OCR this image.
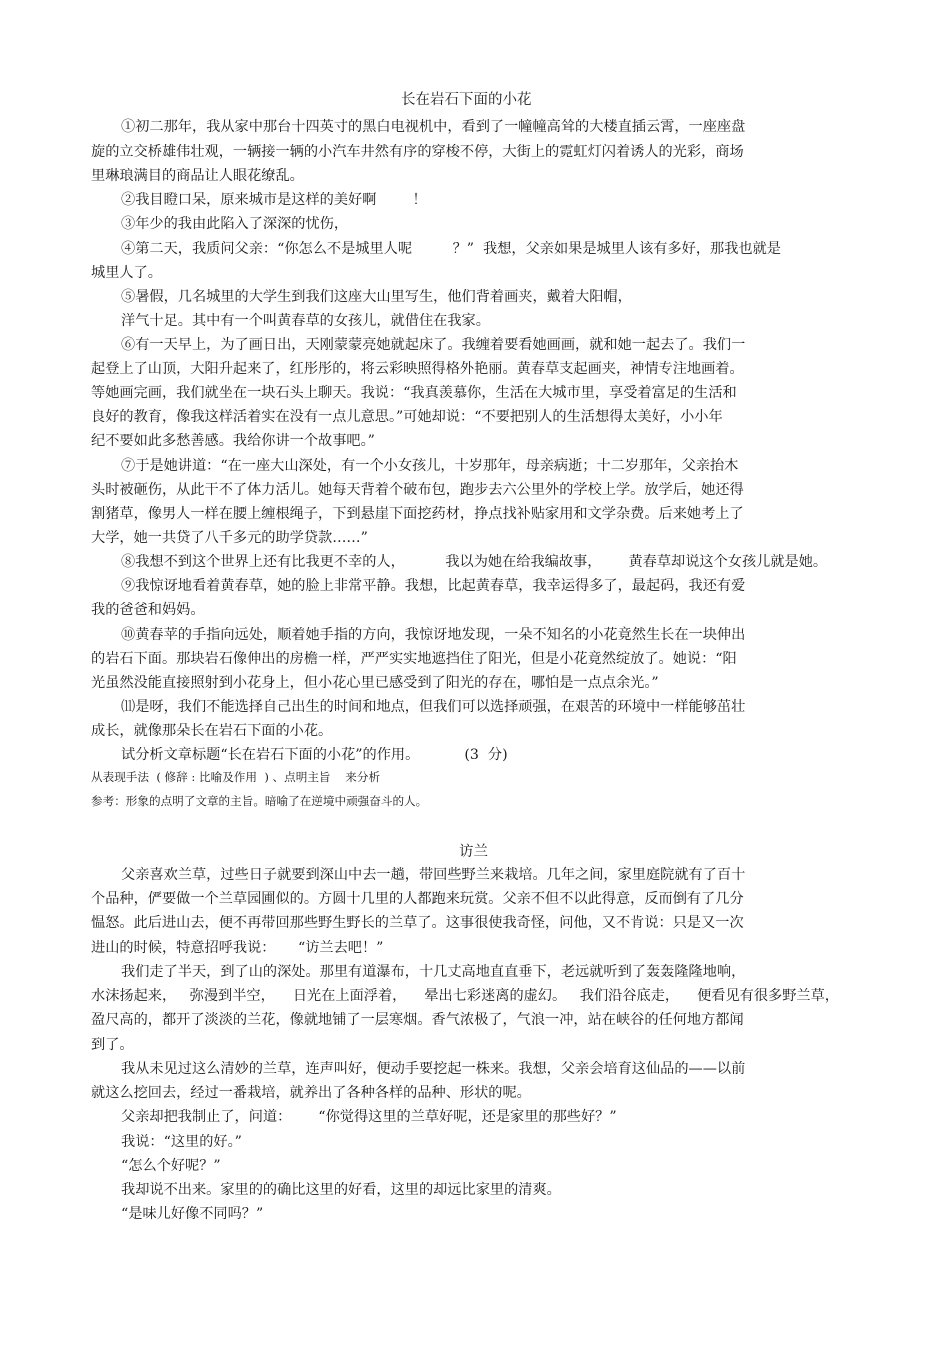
长在岩石下面的小花
①初二那年，我从家中那台十四英寸的黑白电视机中，看到了一幢幢高耸的大楼直插云霄，一座座盘
旋的立交桥雄伟壮观，一辆接一辆的小汽车井然有序的穿梭不停，大街上的霓虹灯闪着诱人的光彩，商场
里琳琅满目的商品让人眼花缭乱。
②我目瞪口呆，原来城市是这样的美好啊        ！
③年少的我由此陷入了深深的忧伤，
④第二天，我质问父亲：“你怎么不是城里人呢         ？”  我想，父亲如果是城里人该有多好，那我也就是
城里人了。
⑤暑假，几名城里的大学生到我们这座大山里写生，他们背着画夹，戴着大阳帽，
洋气十足。其中有一个叫黄春草的女孩儿，就借住在我家。
⑥有一天早上，为了画日出，天刚蒙蒙亮她就起床了。我缠着要看她画画，就和她一起去了。我们一
起登上了山顶，大阳升起来了，红彤彤的，将云彩映照得格外艳丽。黄春草支起画夹，神情专注地画着。
等她画完画，我们就坐在一块石头上聊天。我说：“我真羡慕你，生活在大城市里，享受着富足的生活和
良好的教育，像我这样活着实在没有一点儿意思。”可她却说：“不要把别人的生活想得太美好，小小年
纪不要如此多愁善感。我给你讲一个故事吧。”
⑦于是她讲道：“在一座大山深处，有一个小女孩儿，十岁那年，母亲病逝；十二岁那年，父亲抬木
头时被砸伤，从此干不了体力活儿。她每天背着个破布包，跑步去六公里外的学校上学。放学后，她还得
割猪草，像男人一样在腰上缠根绳子，下到悬崖下面挖药材，挣点找补贴家用和文学杂费。后来她考上了
大学，她一共贷了八千多元的助学贷款……”
⑧我想不到这个世界上还有比我更不幸的人，         我以为她在给我编故事，      黄春草却说这个女孩儿就是她。
⑨我惊讶地看着黄春草，她的脸上非常平静。我想，比起黄春草，我幸运得多了，最起码，我还有爱
我的爸爸和妈妈。
⑩黄春苹的手指向远处，顺着她手指的方向，我惊讶地发现，一朵不知名的小花竟然生长在一块伸出
的岩石下面。那块岩石像伸出的房檐一样，严严实实地遮挡住了阳光，但是小花竟然绽放了。她说：“阳
光虽然没能直接照射到小花身上，但小花心里已感受到了阳光的存在，哪怕是一点点余光。”
⑾是呀，我们不能选择自己出生的时间和地点，但我们可以选择顽强，在艰苦的环境中一样能够茁壮
成长，就像那朵长在岩石下面的小花。
试分析文章标题“长在岩石下面的小花”的作用。          (3  分)
从表现手法  ( 修辞 : 比喻及作用  ) 、点明主旨    来分析
参考：形象的点明了文章的主旨。暗喻了在逆境中顽强奋斗的人。
访兰
父亲喜欢兰草，过些日子就要到深山中去一趟，带回些野兰来栽培。几年之间，家里庭院就有了百十
个品种，俨要做一个兰草园圃似的。方圆十几里的人都跑来玩赏。父亲不但不以此得意，反而倒有了几分
愠怒。此后进山去，便不再带回那些野生野长的兰草了。这事很使我奇怪，问他，又不肯说：只是又一次
进山的时候，特意招呼我说：     “访兰去吧！”
我们走了半天，到了山的深处。那里有道瀑布，十几丈高地直直垂下，老远就听到了轰轰隆隆地响，
水沫扬起来，   弥漫到半空，    日光在上面浮着，    晕出七彩迷离的虚幻。   我们沿谷底走，    便看见有很多野兰草，
盈尺高的，都开了淡淡的兰花，像就地铺了一层寒烟。香气浓极了，气浪一冲，站在峡谷的任何地方都闻
到了。
我从未见过这么清妙的兰草，连声叫好，便动手要挖起一株来。我想，父亲会培育这仙品的——以前
就这么挖回去，经过一番栽培，就养出了各种各样的品种、形状的呢。
父亲却把我制止了，问道：      “你觉得这里的兰草好呢，还是家里的那些好？”
我说：“这里的好。”
“怎么个好呢？”
我却说不出来。家里的的确比这里的好看，这里的却远比家里的清爽。
“是味儿好像不同吗？”
